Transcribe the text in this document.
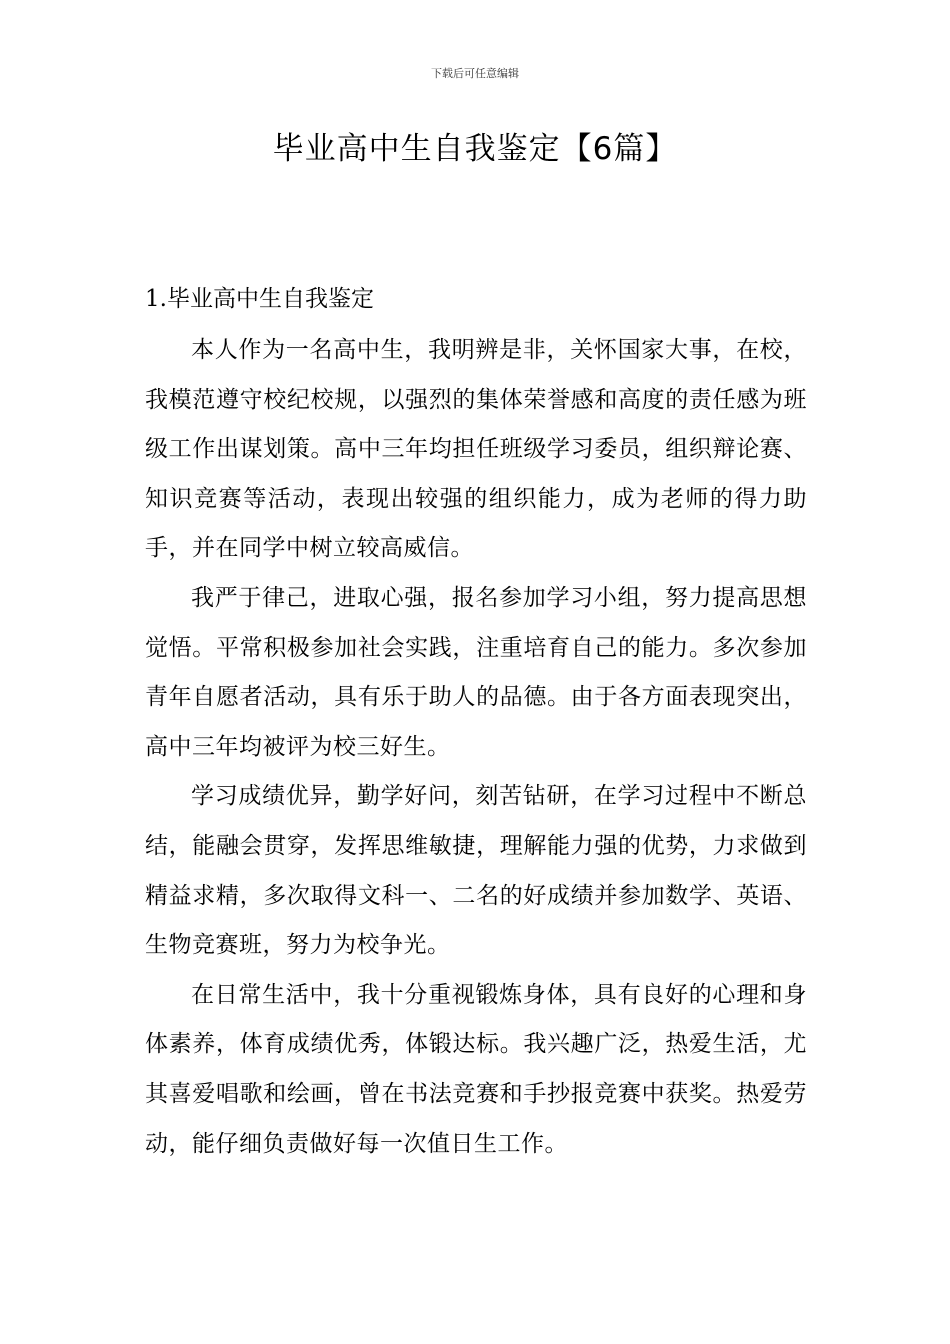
下载后可任意编辑
毕业高中生自我鉴定【6篇】
1.毕业高中生自我鉴定

本人作为一名高中生，我明辨是非，关怀国家大事，在校，我模范遵守校纪校规，以强烈的集体荣誉感和高度的责任感为班级工作出谋划策。高中三年均担任班级学习委员，组织辩论赛、知识竞赛等活动，表现出较强的组织能力，成为老师的得力助手，并在同学中树立较高威信。

我严于律己，进取心强，报名参加学习小组，努力提高思想觉悟。平常积极参加社会实践，注重培育自己的能力。多次参加青年自愿者活动，具有乐于助人的品德。由于各方面表现突出，高中三年均被评为校三好生。

学习成绩优异，勤学好问，刻苦钻研，在学习过程中不断总结，能融会贯穿，发挥思维敏捷，理解能力强的优势，力求做到精益求精，多次取得文科一、二名的好成绩并参加数学、英语、生物竞赛班，努力为校争光。

在日常生活中，我十分重视锻炼身体，具有良好的心理和身体素养，体育成绩优秀，体锻达标。我兴趣广泛，热爱生活，尤其喜爱唱歌和绘画，曾在书法竞赛和手抄报竞赛中获奖。热爱劳动，能仔细负责做好每一次值日生工作。
